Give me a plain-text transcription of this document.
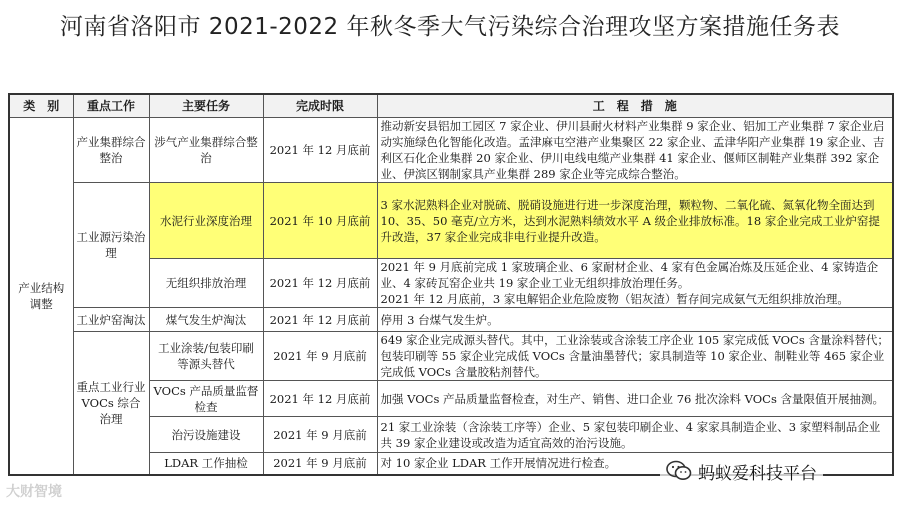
河南省洛阳市 2021-2022 年秋冬季大气污染综合治理攻坚方案措施任务表
类　别	重点工作	主要任务	完成时限	工　程　措　施
产业结构调整	产业集群综合整治	涉气产业集群综合整治	2021 年 12 月底前	推动新安县铝加工园区 7 家企业、伊川县耐火材料产业集群 9 家企业、铝加工产业集群 7 家企业启动实施绿色化智能化改造。孟津麻屯空港产业集聚区 22 家企业、孟津华阳产业集群 19 家企业、吉利区石化企业集群 20 家企业、伊川电线电缆产业集群 41 家企业、偃师区制鞋产业集群 392 家企业、伊滨区钢制家具产业集群 289 家企业等完成综合整治。
	工业源污染治理	水泥行业深度治理	2021 年 10 月底前	3 家水泥熟料企业对脱硫、脱硝设施进行进一步深度治理，颗粒物、二氧化硫、氮氧化物全面达到 10、35、50 毫克/立方米，达到水泥熟料绩效水平 A 级企业排放标准。18 家企业完成工业炉窑提升改造，37 家企业完成非电行业提升改造。
		无组织排放治理	2021 年 12 月底前	2021 年 9 月底前完成 1 家玻璃企业、6 家耐材企业、4 家有色金属冶炼及压延企业、4 家铸造企业、4 家砖瓦窑企业共 19 家企业工业无组织排放治理任务。
2021 年 12 月底前，3 家电解铝企业危险废物（铝灰渣）暂存间完成氨气无组织排放治理。

	工业炉窑淘汰	煤气发生炉淘汰	2021 年 12 月底前	停用 3 台煤气发生炉。
	重点工业行业 VOCs 综合治理	工业涂装/包装印刷等源头替代	2021 年 9 月底前	649 家企业完成源头替代。其中，工业涂装或含涂装工序企业 105 家完成低 VOCs 含量涂料替代；包装印刷等 55 家企业完成低 VOCs 含量油墨替代；家具制造等 10 家企业、制鞋业等 465 家企业完成低 VOCs 含量胶粘剂替代。
		VOCs 产品质量监督检查	2021 年 12 月底前	加强 VOCs 产品质量监督检查，对生产、销售、进口企业 76 批次涂料 VOCs 含量限值开展抽测。
		治污设施建设	2021 年 9 月底前	21 家工业涂装（含涂装工序等）企业、5 家包装印刷企业、4 家家具制造企业、3 家塑料制品企业共 39 家企业建设或改造为适宜高效的治污设施。
		LDAR 工作抽检	2021 年 9 月底前	对 10 家企业 LDAR 工作开展情况进行检查。
大财智境
蚂蚁爱科技平台
